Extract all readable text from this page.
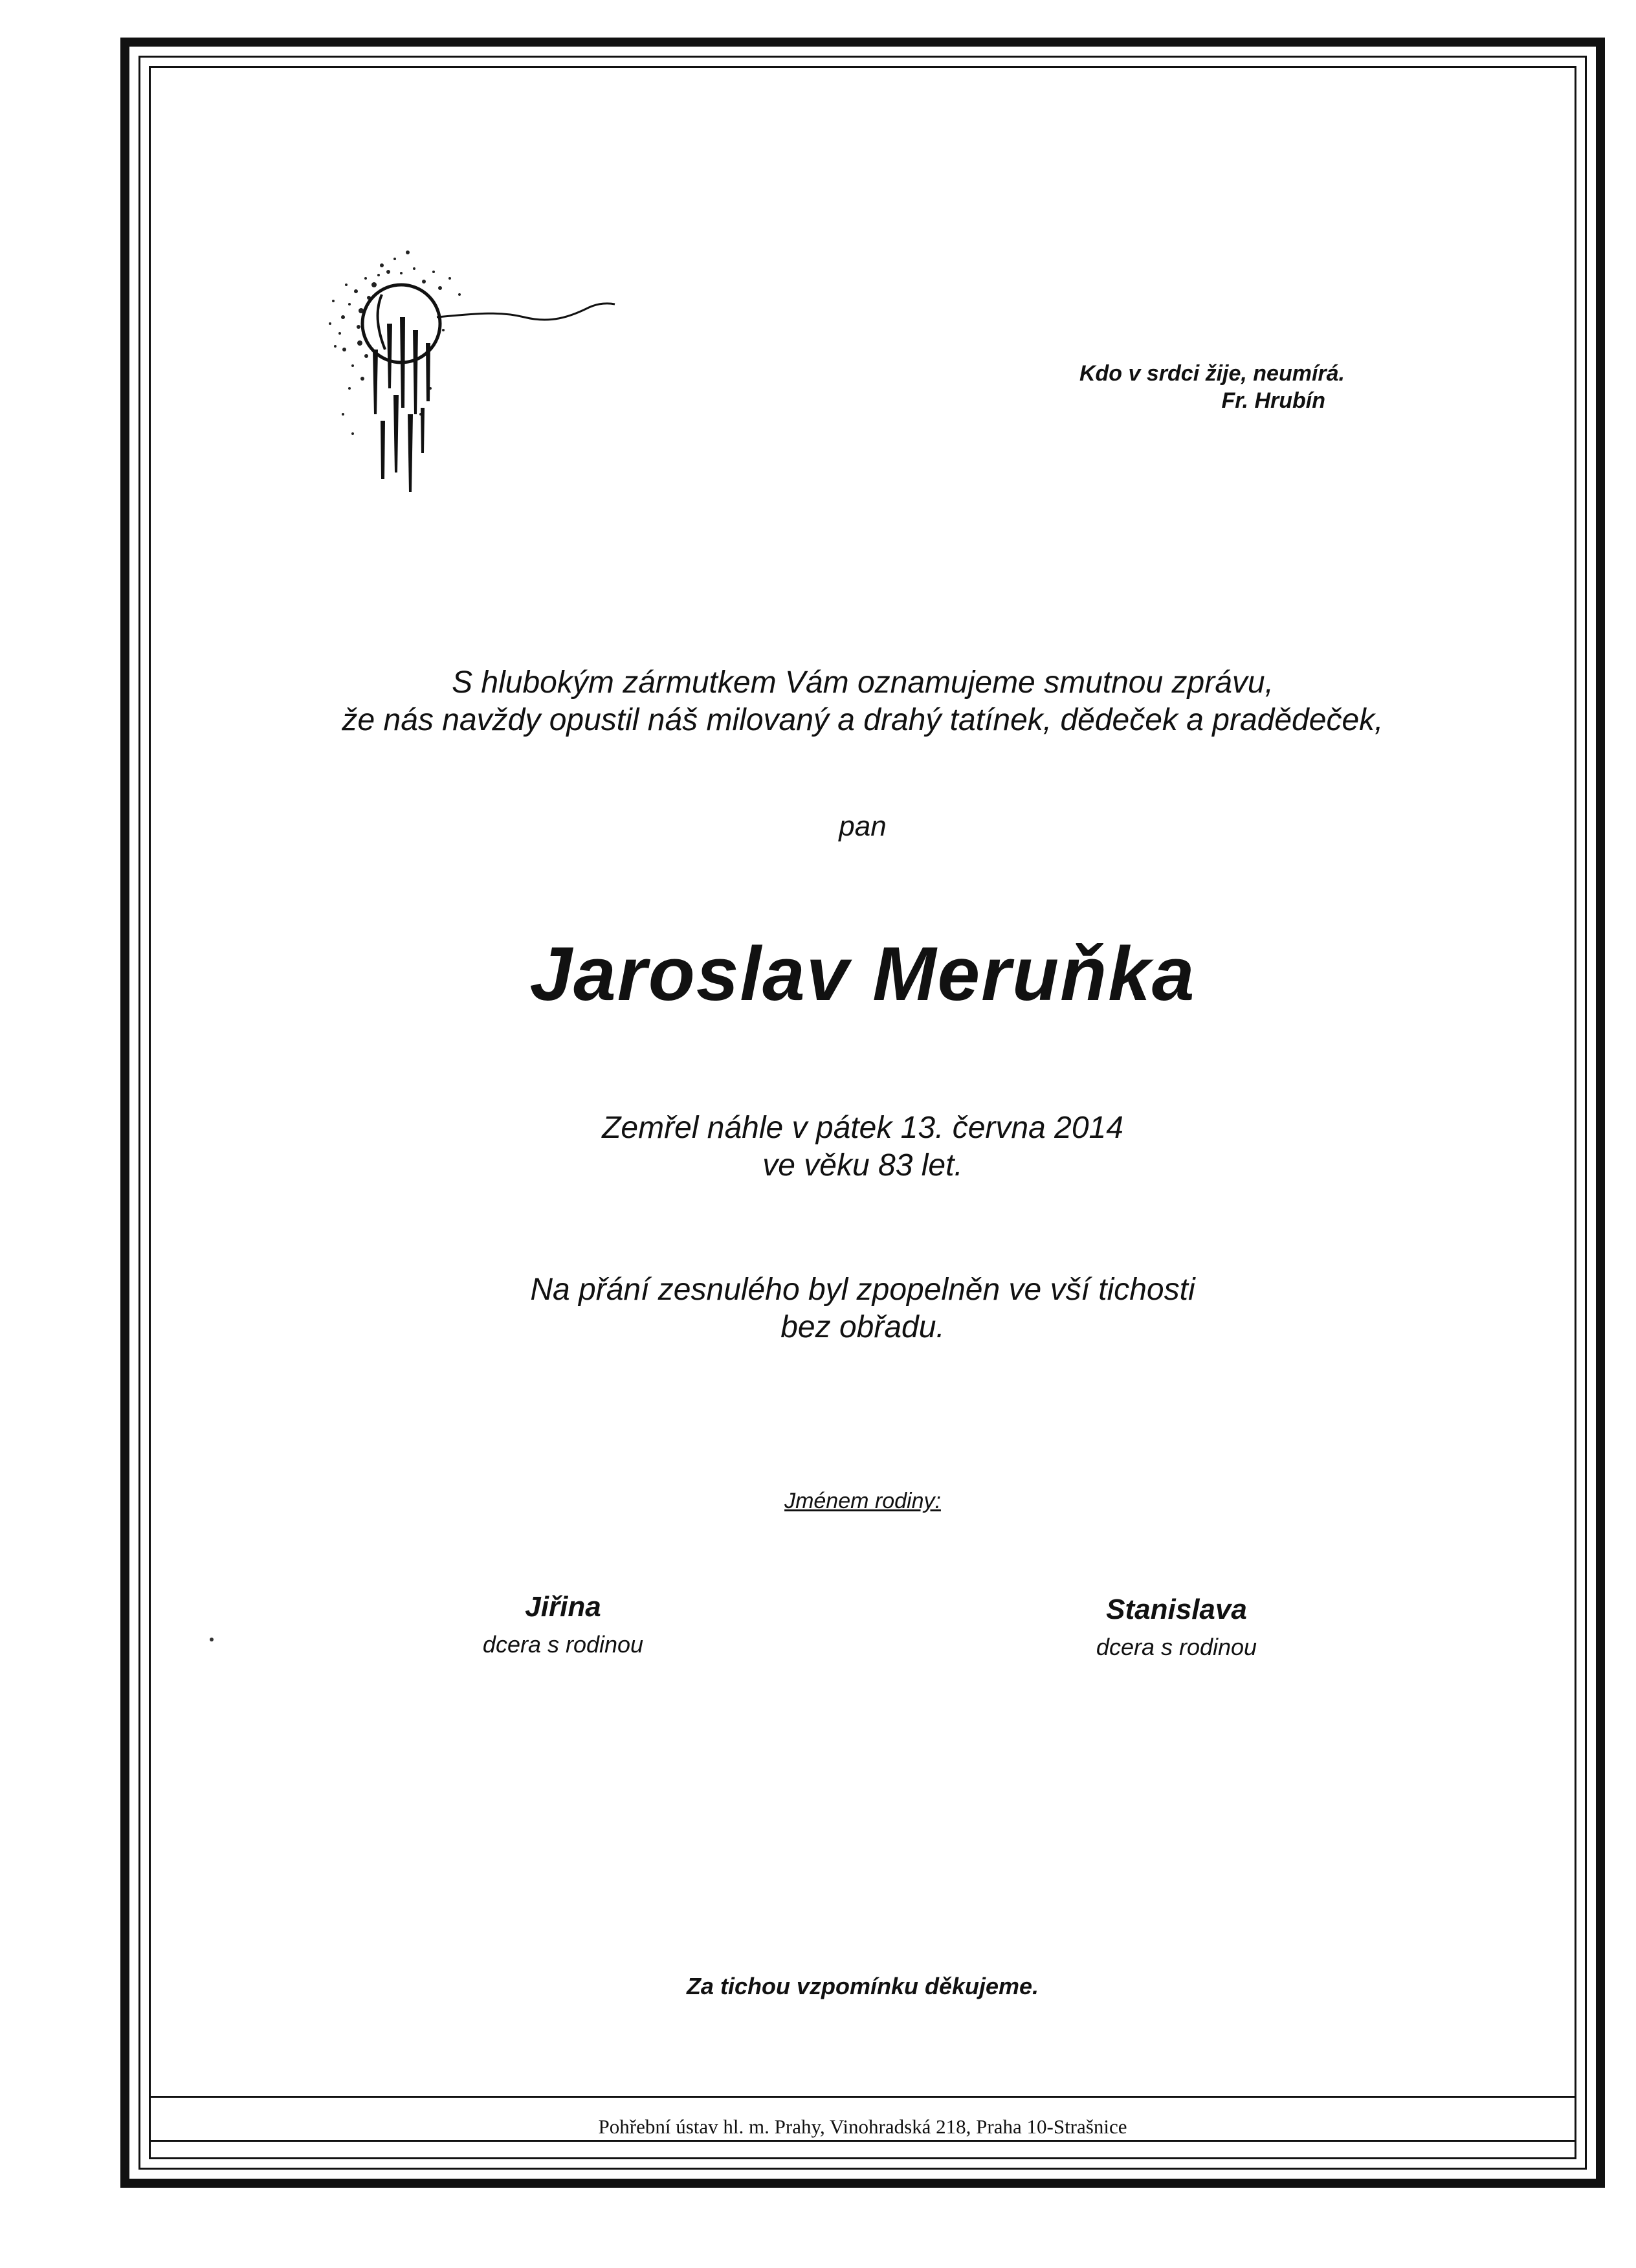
Kdo v srdci žije, neumírá.
Fr. Hrubín
S hlubokým zármutkem Vám oznamujeme smutnou zprávu,
že nás navždy opustil náš milovaný a drahý tatínek, dědeček a pradědeček,
pan
Jaroslav Meruňka
Zemřel náhle v pátek 13. června 2014
ve věku 83 let.
Na přání zesnulého byl zpopelněn ve vší tichosti
bez obřadu.
Jménem rodiny:
Jiřina
dcera s rodinou
Stanislava
dcera s rodinou
Za tichou vzpomínku děkujeme.
Pohřební ústav hl. m. Prahy, Vinohradská 218, Praha 10-Strašnice
